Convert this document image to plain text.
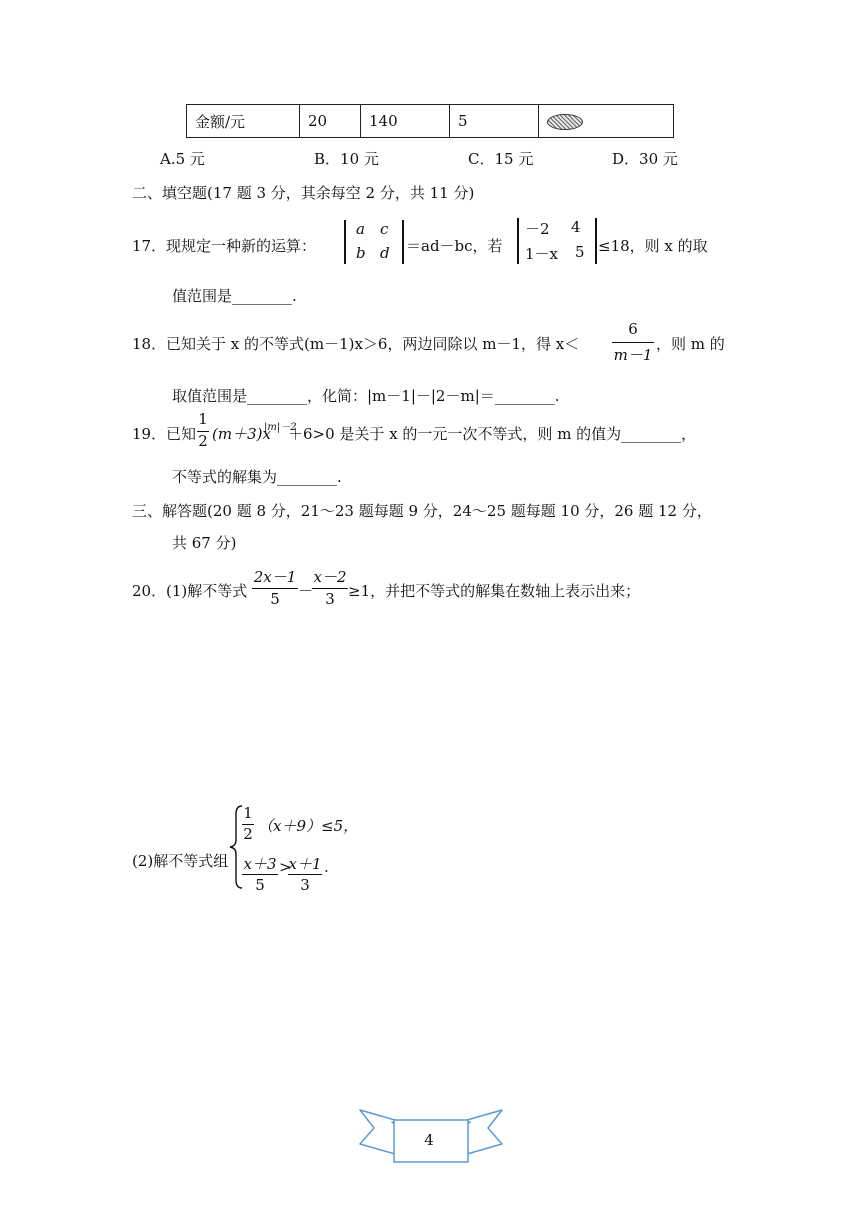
金额/元	20	140	5	
A.5 元	B．10 元	C．15 元	D．30 元
二、填空题(17 题 3 分，其余每空 2 分，共 11 分)
17． 现规定一种新的运算：
a c
b d ＝ad－bc，若
－2 4
1－x 5 ≤18，则 x 的取
值范围是________.
18． 已知关于 x 的不等式(m－1)x＞6，两边同除以 m－1，得 x＜
6
m－1
，则 m 的
取值范围是________，化简：|m－1|－|2－m|＝________.
19． 已知
1
2 (m＋3)x
|m|－2
＋6>0 是关于 x 的一元一次不等式，则 m 的值为________，
不等式的解集为________.
三、解答题(20 题 8 分，21～23 题每题 9 分，24～25 题每题 10 分，26 题 12 分，
共 67 分)
20． (1)解不等式
2x－1
5	－
x－2
3 ≥1，并把不等式的解集在数轴上表示出来；
(2)解不等式组
1
2 （x＋9）≤5，
x＋3
5
>
x＋1
3
.
4
